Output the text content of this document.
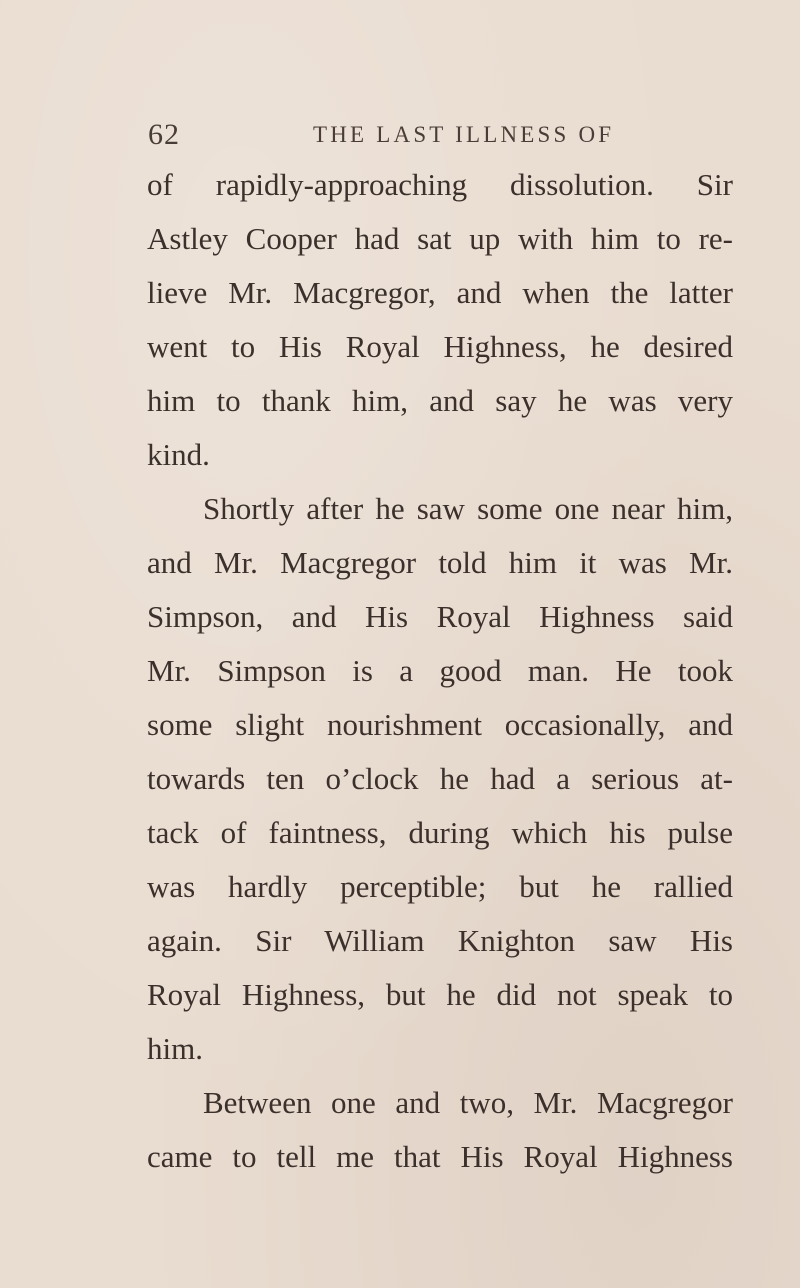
62	THE LAST ILLNESS OF
of rapidly-approaching dissolution. Sir
Astley Cooper had sat up with him to re-
lieve Mr. Macgregor, and when the latter
went to His Royal Highness, he desired
him to thank him, and say he was very
kind.
Shortly after he saw some one near him,
and Mr. Macgregor told him it was Mr.
Simpson, and His Royal Highness said
Mr. Simpson is a good man. He took
some slight nourishment occasionally, and
towards ten o’clock he had a serious at-
tack of faintness, during which his pulse
was hardly perceptible; but he rallied
again. Sir William Knighton saw His
Royal Highness, but he did not speak to
him.
Between one and two, Mr. Macgregor
came to tell me that His Royal Highness
